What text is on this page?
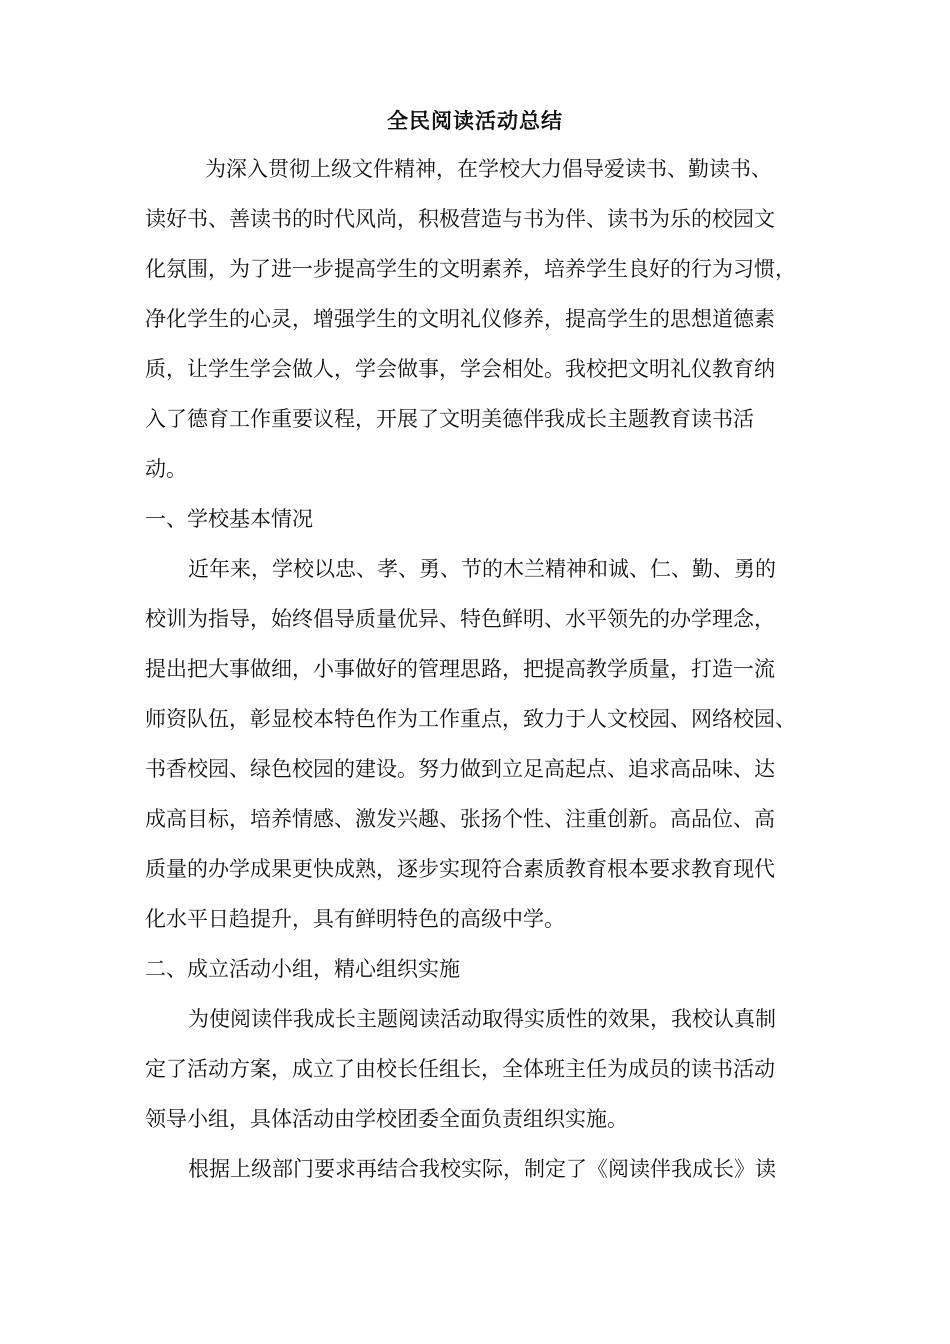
全民阅读活动总结
为深入贯彻上级文件精神，在学校大力倡导爱读书、勤读书、
读好书、善读书的时代风尚，积极营造与书为伴、读书为乐的校园文
化氛围，为了进一步提高学生的文明素养，培养学生良好的行为习惯，
净化学生的心灵，增强学生的文明礼仪修养，提高学生的思想道德素
质，让学生学会做人，学会做事，学会相处。我校把文明礼仪教育纳
入了德育工作重要议程，开展了文明美德伴我成长主题教育读书活
动。
一、学校基本情况
近年来，学校以忠、孝、勇、节的木兰精神和诚、仁、勤、勇的
校训为指导，始终倡导质量优异、特色鲜明、水平领先的办学理念，
提出把大事做细，小事做好的管理思路，把提高教学质量，打造一流
师资队伍，彰显校本特色作为工作重点，致力于人文校园、网络校园、
书香校园、绿色校园的建设。努力做到立足高起点、追求高品味、达
成高目标，培养情感、激发兴趣、张扬个性、注重创新。高品位、高
质量的办学成果更快成熟，逐步实现符合素质教育根本要求教育现代
化水平日趋提升，具有鲜明特色的高级中学。
二、成立活动小组，精心组织实施
为使阅读伴我成长主题阅读活动取得实质性的效果，我校认真制
定了活动方案，成立了由校长任组长，全体班主任为成员的读书活动
领导小组，具体活动由学校团委全面负责组织实施。
根据上级部门要求再结合我校实际，制定了《阅读伴我成长》读
